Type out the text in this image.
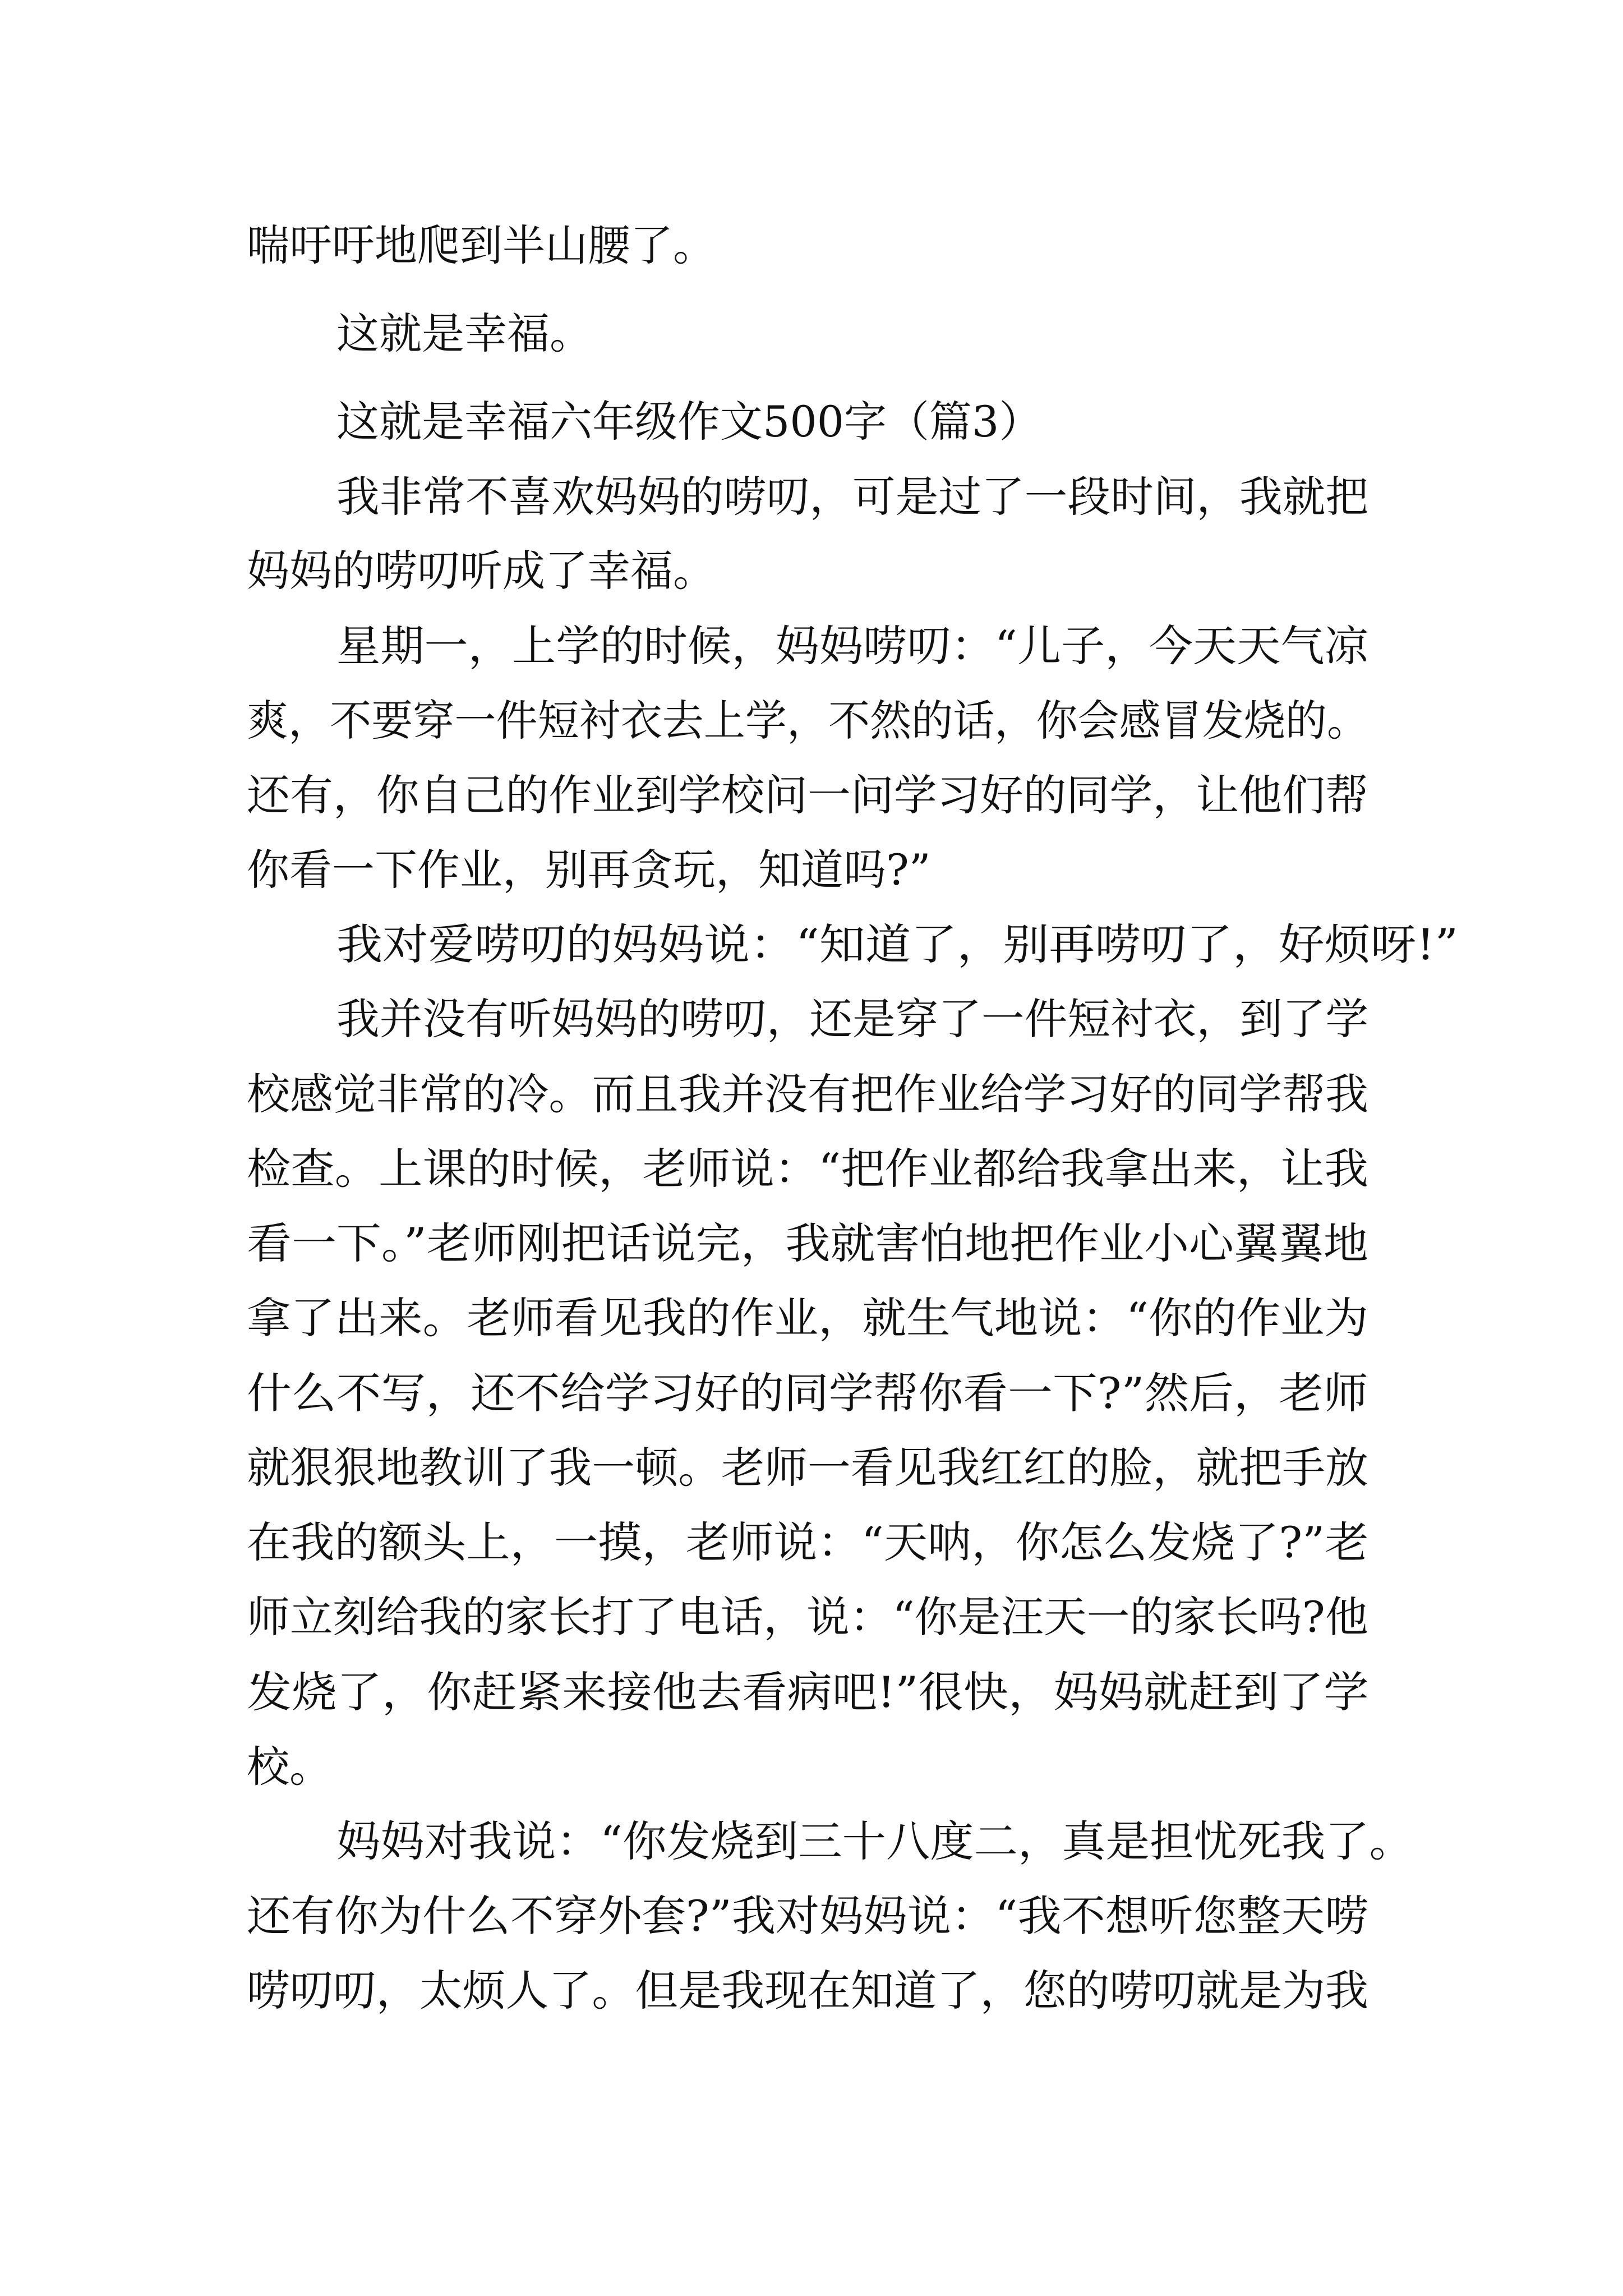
喘吁吁地爬到半山腰了。
这就是幸福。
这就是幸福六年级作文500字（篇3）
我非常不喜欢妈妈的唠叨，可是过了一段时间，我就把
妈妈的唠叨听成了幸福。
星期一，上学的时候，妈妈唠叨：“儿子，今天天气凉
爽，不要穿一件短衬衣去上学，不然的话，你会感冒发烧的。
还有，你自己的作业到学校问一问学习好的同学，让他们帮
你看一下作业，别再贪玩，知道吗?”
我对爱唠叨的妈妈说：“知道了，别再唠叨了，好烦呀!”
我并没有听妈妈的唠叨，还是穿了一件短衬衣，到了学
校感觉非常的冷。而且我并没有把作业给学习好的同学帮我
检查。上课的时候，老师说：“把作业都给我拿出来，让我
看一下。”老师刚把话说完，我就害怕地把作业小心翼翼地
拿了出来。老师看见我的作业，就生气地说：“你的作业为
什么不写，还不给学习好的同学帮你看一下?”然后，老师
就狠狠地教训了我一顿。老师一看见我红红的脸，就把手放
在我的额头上，一摸，老师说：“天呐，你怎么发烧了?”老
师立刻给我的家长打了电话，说：“你是汪天一的家长吗?他
发烧了，你赶紧来接他去看病吧!”很快，妈妈就赶到了学
校。
妈妈对我说：“你发烧到三十八度二，真是担忧死我了。
还有你为什么不穿外套?”我对妈妈说：“我不想听您整天唠
唠叨叨，太烦人了。但是我现在知道了，您的唠叨就是为我
